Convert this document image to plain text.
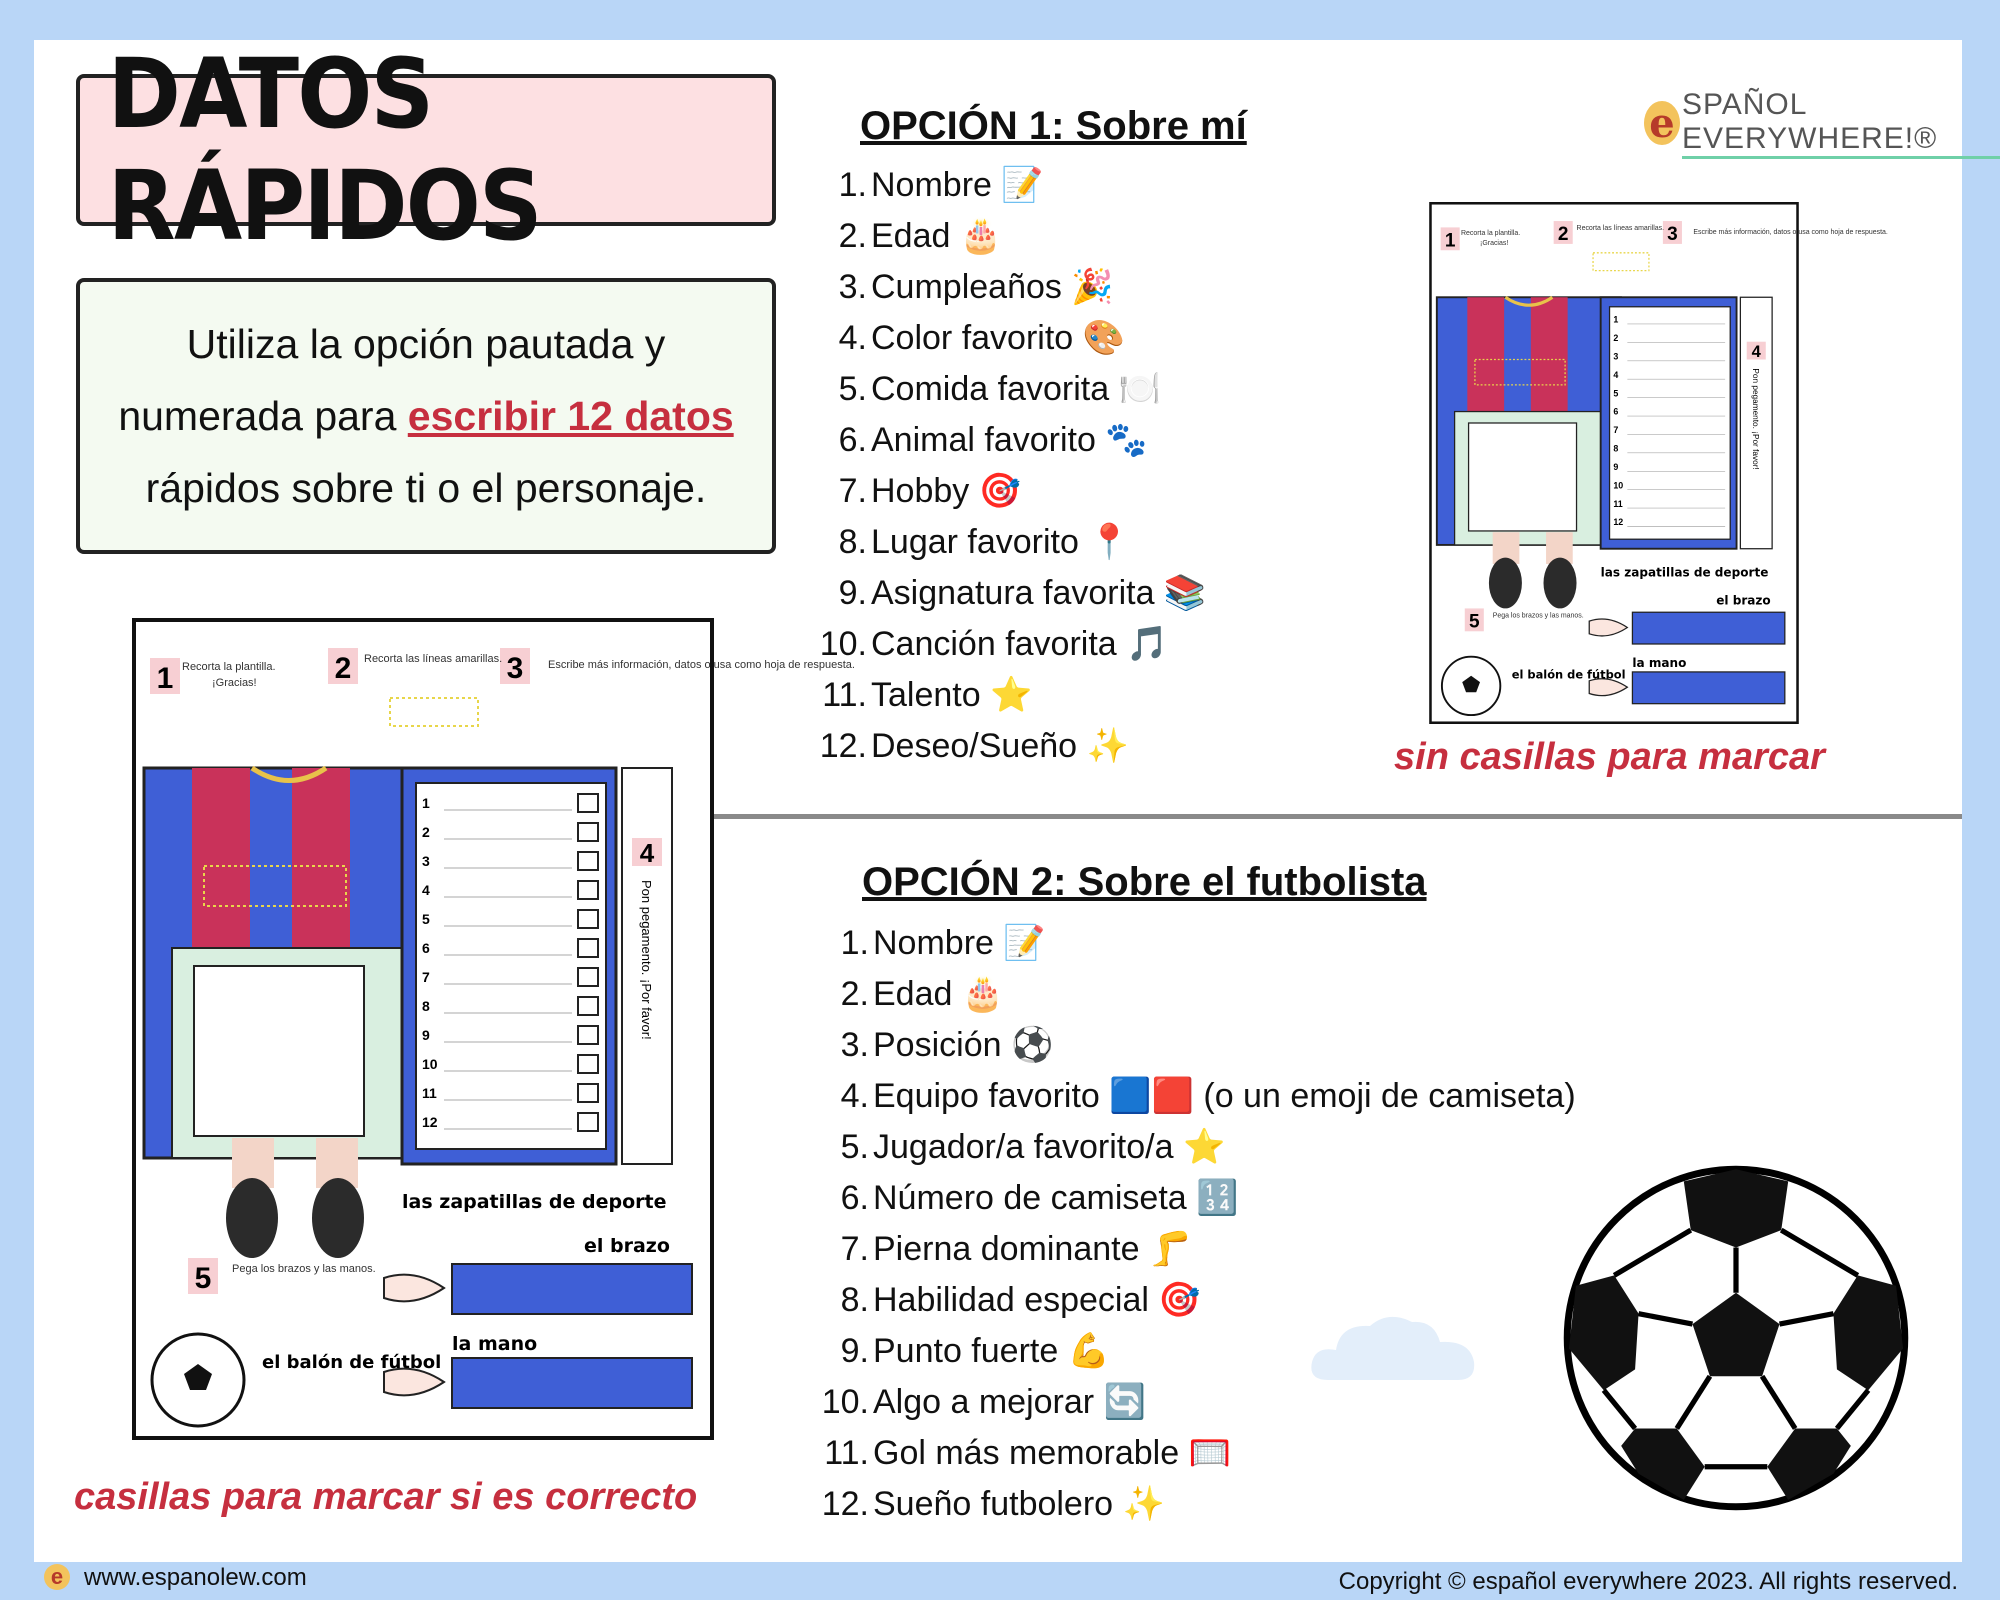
DATOS RÁPIDOS
Utiliza la opción pautada y numerada para escribir 12 datos rápidos sobre ti o el personaje.
e SPAÑOL EVERYWHERE!®
OPCIÓN 1: Sobre mí
1. Nombre 📝
2. Edad 🎂
3. Cumpleaños 🎉
4. Color favorito 🎨
5. Comida favorita 🍽️
6. Animal favorito 🐾
7. Hobby 🎯
8. Lugar favorito 📍
9. Asignatura favorita 📚
10. Canción favorita 🎵
11. Talento ⭐
12. Deseo/Sueño ✨
OPCIÓN 2: Sobre el futbolista
1. Nombre 📝
2. Edad 🎂
3. Posición ⚽
4. Equipo favorito 🟦🟥 (o un emoji de camiseta)
5. Jugador/a favorito/a ⭐
6. Número de camiseta 🔢
7. Pierna dominante 🦵
8. Habilidad especial 🎯
9. Punto fuerte 💪
10. Algo a mejorar 🔄
11. Gol más memorable 🥅
12. Sueño futbolero ✨
1	2	3
Recorta la plantilla.
¡Gracias!
Recorta las líneas amarillas.	Escribe más información, datos o usa como hoja de respuesta.
1
2
3
4
5
6
7
8
9
10
11
12
4
Pon pegamento. ¡Por favor!
las zapatillas de deporte
5 Pega los brazos y las manos.
el brazo
la mano
el balón de fútbol
1	2	3
Recorta la plantilla.
¡Gracias!
Recorta las líneas amarillas.
Escribe más información, datos o usa como hoja de respuesta.
1
2
3
4
5
6
7
8
9
10
11
12
4
Pon pegamento. ¡Por favor!
las zapatillas de deporte
5 Pega los brazos y las manos.
el brazo
la mano
el balón de fútbol
sin casillas para marcar
casillas para marcar si es correcto
e www.espanolew.com	Copyright © español everywhere 2023. All rights reserved.
